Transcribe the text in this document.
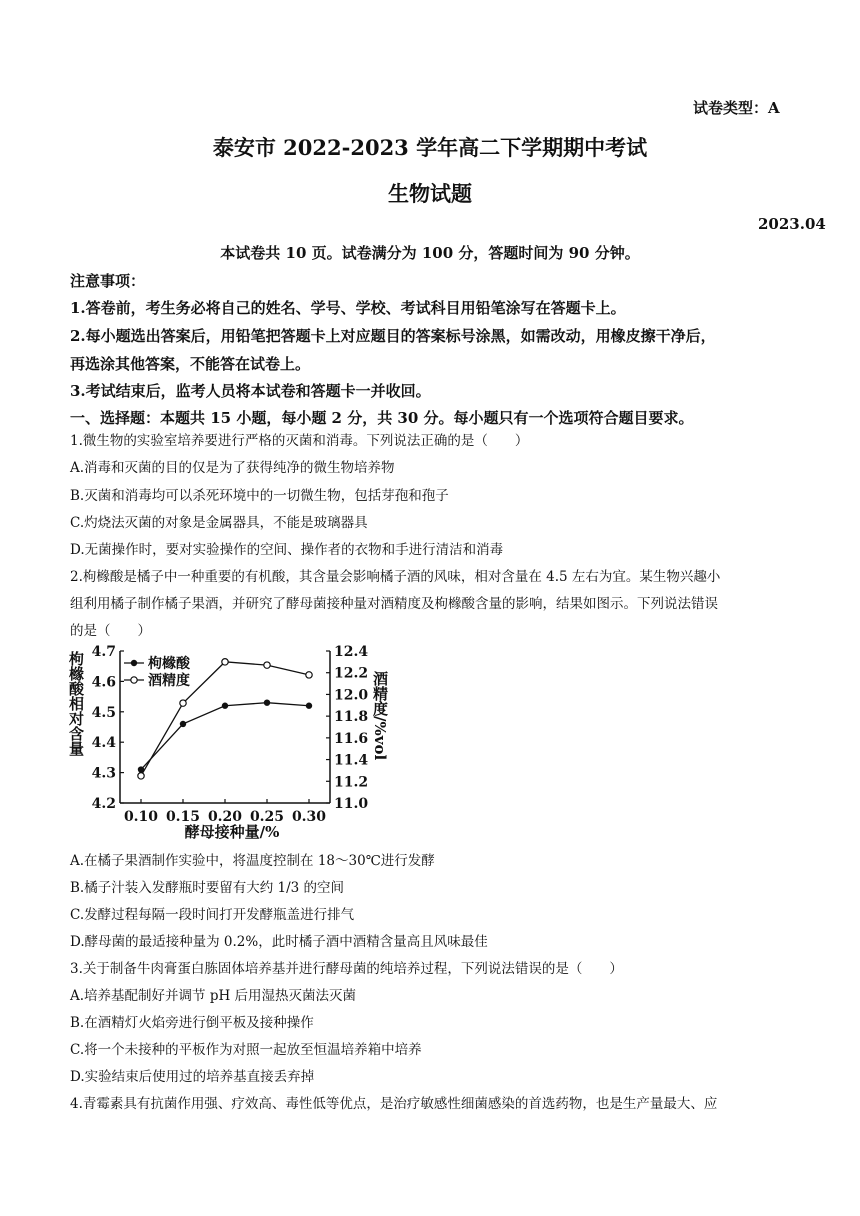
试卷类型：A
泰安市 2022-2023 学年高二下学期期中考试
生物试题
2023.04
本试卷共 10 页。试卷满分为 100 分，答题时间为 90 分钟。
注意事项：
1.答卷前，考生务必将自己的姓名、学号、学校、考试科目用铅笔涂写在答题卡上。
2.每小题选出答案后，用铅笔把答题卡上对应题目的答案标号涂黑，如需改动，用橡皮擦干净后，
再选涂其他答案，不能答在试卷上。
3.考试结束后，监考人员将本试卷和答题卡一并收回。
一、选择题：本题共 15 小题，每小题 2 分，共 30 分。每小题只有一个选项符合题目要求。
1.微生物的实验室培养要进行严格的灭菌和消毒。下列说法正确的是（　　）
A.消毒和灭菌的目的仅是为了获得纯净的微生物培养物
B.灭菌和消毒均可以杀死环境中的一切微生物，包括芽孢和孢子
C.灼烧法灭菌的对象是金属器具，不能是玻璃器具
D.无菌操作时，要对实验操作的空间、操作者的衣物和手进行清洁和消毒
2.枸橼酸是橘子中一种重要的有机酸，其含量会影响橘子酒的风味，相对含量在 4.5 左右为宜。某生物兴趣小
组利用橘子制作橘子果酒，并研究了酵母菌接种量对酒精度及枸橼酸含量的影响，结果如图示。下列说法错误
的是（　　）
4.2
4.3
4.4
4.5
4.6
4.7
11.0
11.2
11.4
11.6
11.8
12.0
12.2
12.4
0.10 0.15 0.20 0.25 0.30
枸橼酸相对含量	酒精度/%vol
酵母接种量/%
枸橼酸
酒精度
A.在橘子果酒制作实验中，将温度控制在 18～30℃进行发酵
B.橘子汁装入发酵瓶时要留有大约 1/3 的空间
C.发酵过程每隔一段时间打开发酵瓶盖进行排气
D.酵母菌的最适接种量为 0.2%，此时橘子酒中酒精含量高且风味最佳
3.关于制备牛肉膏蛋白胨固体培养基并进行酵母菌的纯培养过程，下列说法错误的是（　　）
A.培养基配制好并调节 pH 后用湿热灭菌法灭菌
B.在酒精灯火焰旁进行倒平板及接种操作
C.将一个未接种的平板作为对照一起放至恒温培养箱中培养
D.实验结束后使用过的培养基直接丢弃掉
4.青霉素具有抗菌作用强、疗效高、毒性低等优点，是治疗敏感性细菌感染的首选药物，也是生产量最大、应
